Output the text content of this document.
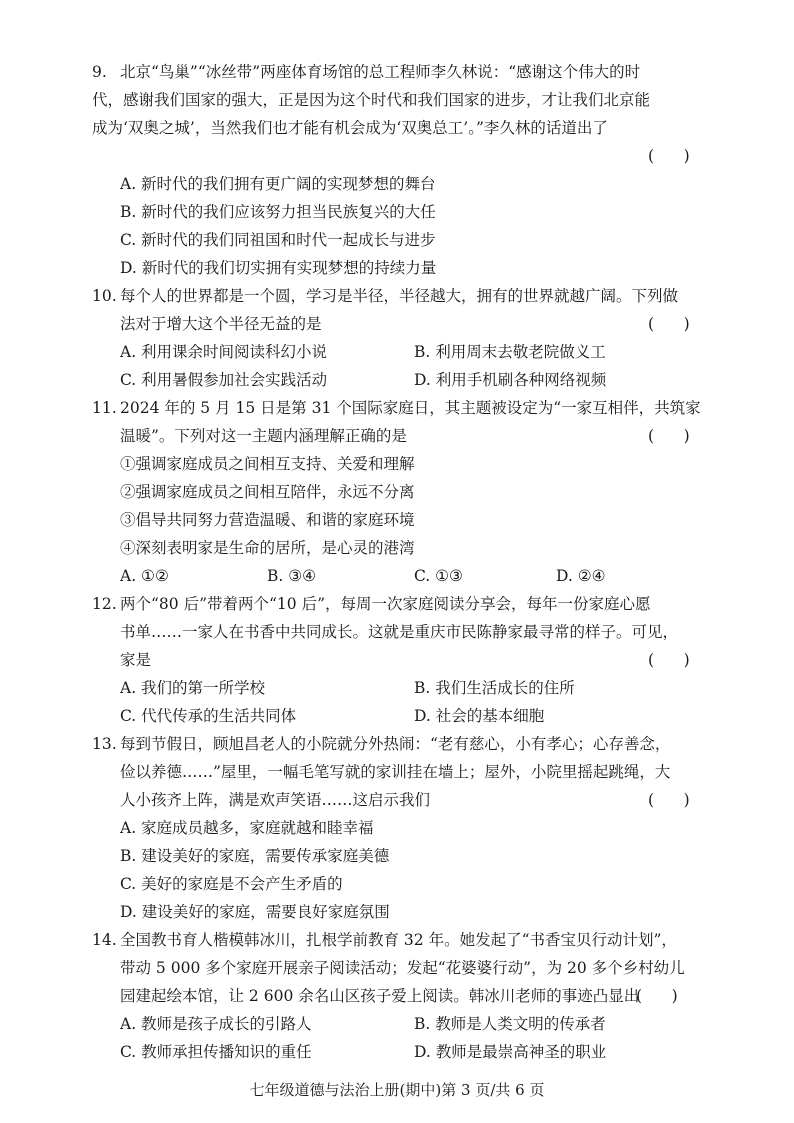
9. 北京“鸟巢”“冰丝带”两座体育场馆的总工程师李久林说：“感谢这个伟大的时
代，感谢我们国家的强大，正是因为这个时代和我们国家的进步，才让我们北京能
成为‘双奥之城’，当然我们也才能有机会成为‘双奥总工’。”李久林的话道出了
(      )
A. 新时代的我们拥有更广阔的实现梦想的舞台
B. 新时代的我们应该努力担当民族复兴的大任
C. 新时代的我们同祖国和时代一起成长与进步
D. 新时代的我们切实拥有实现梦想的持续力量
10. 每个人的世界都是一个圆，学习是半径，半径越大，拥有的世界就越广阔。下列做
法对于增大这个半径无益的是	(      )
A. 利用课余时间阅读科幻小说	B. 利用周末去敬老院做义工
C. 利用暑假参加社会实践活动	D. 利用手机刷各种网络视频
11. 2024 年的 5 月 15 日是第 31 个国际家庭日，其主题被设定为“一家互相伴，共筑家
温暖”。下列对这一主题内涵理解正确的是	(      )
①强调家庭成员之间相互支持、关爱和理解
②强调家庭成员之间相互陪伴，永远不分离
③倡导共同努力营造温暖、和谐的家庭环境
④深刻表明家是生命的居所，是心灵的港湾
A. ①②	B. ③④	C. ①③	D. ②④
12. 两个“80 后”带着两个“10 后”，每周一次家庭阅读分享会，每年一份家庭心愿
书单……一家人在书香中共同成长。这就是重庆市民陈静家最寻常的样子。可见，
家是	(      )
A. 我们的第一所学校	B. 我们生活成长的住所
C. 代代传承的生活共同体	D. 社会的基本细胞
13. 每到节假日，顾旭昌老人的小院就分外热闹：“老有慈心，小有孝心；心存善念，
俭以养德……”屋里，一幅毛笔写就的家训挂在墙上；屋外，小院里摇起跳绳，大
人小孩齐上阵，满是欢声笑语……这启示我们	(      )
A. 家庭成员越多，家庭就越和睦幸福
B. 建设美好的家庭，需要传承家庭美德
C. 美好的家庭是不会产生矛盾的
D. 建设美好的家庭，需要良好家庭氛围
14. 全国教书育人楷模韩冰川，扎根学前教育 32 年。她发起了“书香宝贝行动计划”，
带动 5 000 多个家庭开展亲子阅读活动；发起“花婆婆行动”，为 20 多个乡村幼儿
园建起绘本馆，让 2 600 余名山区孩子爱上阅读。韩冰川老师的事迹凸显出
(      )
A. 教师是孩子成长的引路人	B. 教师是人类文明的传承者
C. 教师承担传播知识的重任	D. 教师是最崇高神圣的职业
七年级道德与法治上册(期中)第 3 页/共 6 页
